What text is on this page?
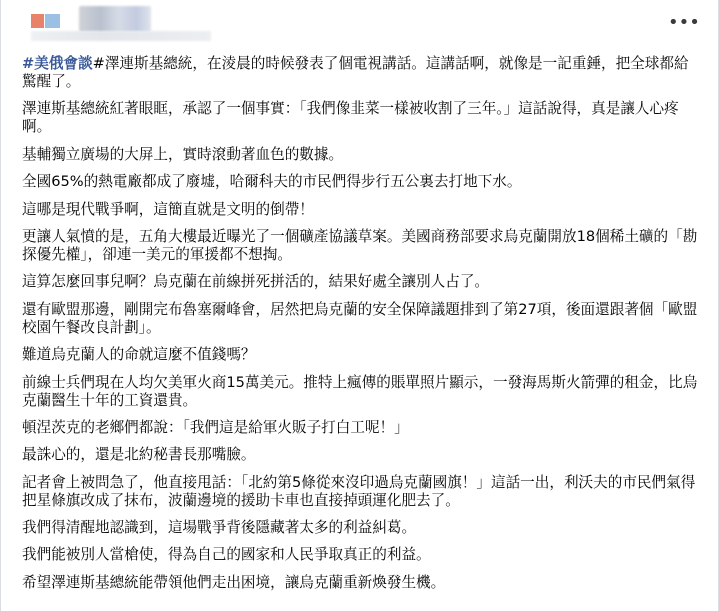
•••

#美俄會談#澤連斯基總統，在淩晨的時候發表了個電視講話。這講話啊，就像是一記重錘，把全球都給驚醒了。

澤連斯基總統紅著眼眶，承認了一個事實：「我們像韭菜一樣被收割了三年。」這話說得，真是讓人心疼啊。

基輔獨立廣場的大屏上，實時滾動著血色的數據。

全國65%的熱電廠都成了廢墟，哈爾科夫的市民們得步行五公裏去打地下水。

這哪是現代戰爭啊，這簡直就是文明的倒帶！

更讓人氣憤的是，五角大樓最近曝光了一個礦產協議草案。美國商務部要求烏克蘭開放18個稀土礦的「勘探優先權」，卻連一美元的軍援都不想掏。

這算怎麼回事兒啊？烏克蘭在前線拼死拼活的，結果好處全讓別人占了。

還有歐盟那邊，剛開完布魯塞爾峰會，居然把烏克蘭的安全保障議題排到了第27項，後面還跟著個「歐盟校園午餐改良計劃」。

難道烏克蘭人的命就這麼不值錢嗎？

前線士兵們現在人均欠美軍火商15萬美元。推特上瘋傳的賬單照片顯示，一發海馬斯火箭彈的租金，比烏克蘭醫生十年的工資還貴。

頓涅茨克的老鄉們都說：「我們這是給軍火販子打白工呢！」

最誅心的，還是北約秘書長那嘴臉。

記者會上被問急了，他直接甩話：「北約第5條從來沒印過烏克蘭國旗！」這話一出，利沃夫的市民們氣得把星條旗改成了抹布，波蘭邊境的援助卡車也直接掉頭運化肥去了。

我們得清醒地認識到，這場戰爭背後隱藏著太多的利益糾葛。

我們能被別人當槍使，得為自己的國家和人民爭取真正的利益。

希望澤連斯基總統能帶領他們走出困境，讓烏克蘭重新煥發生機。
